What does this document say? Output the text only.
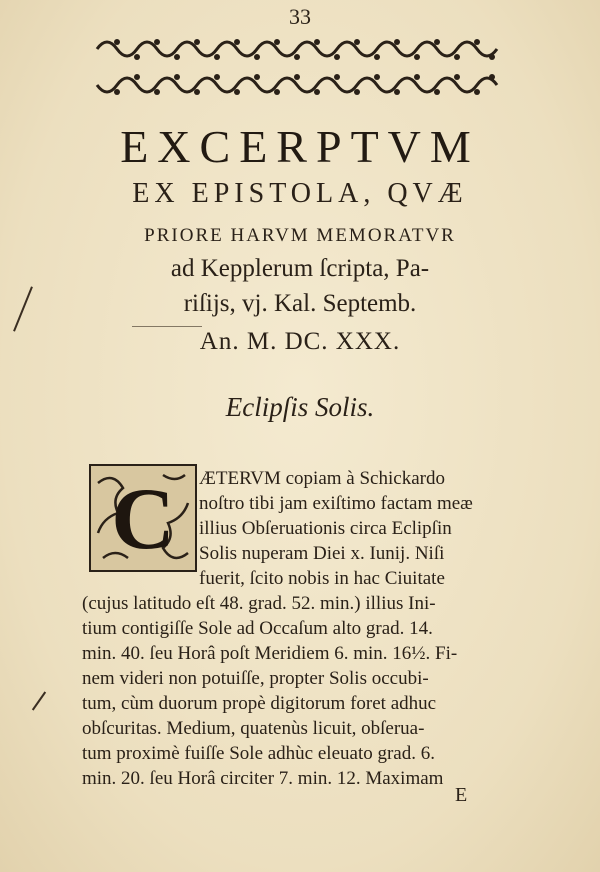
33
EXCERPTVM
EX EPISTOLA, QVÆ
PRIORE HARVM MEMORATVR
ad Kepplerum ſcripta, Pa-
riſijs, vj. Kal. Septemb.
An. M. DC. XXX.
Eclipſis Solis.
C ÆTERVM copiam à Schickardo
noſtro tibi jam exiſtimo factam meæ
illius Obſeruationis circa Eclipſin
Solis nuperam Diei x. Iunij. Niſi
fuerit, ſcito nobis in hac Ciuitate
(cujus latitudo eſt 48. grad. 52. min.) illius Ini-
tium contigiſſe Sole ad Occaſum alto grad. 14.
min. 40. ſeu Horâ poſt Meridiem 6. min. 16½. Fi-
nem videri non potuiſſe, propter Solis occubi-
tum, cùm duorum propè digitorum foret adhuc
obſcuritas. Medium, quatenùs licuit, obſerua-
tum proximè fuiſſe Sole adhùc eleuato grad. 6.
min. 20. ſeu Horâ circiter 7. min. 12. Maximam
E
